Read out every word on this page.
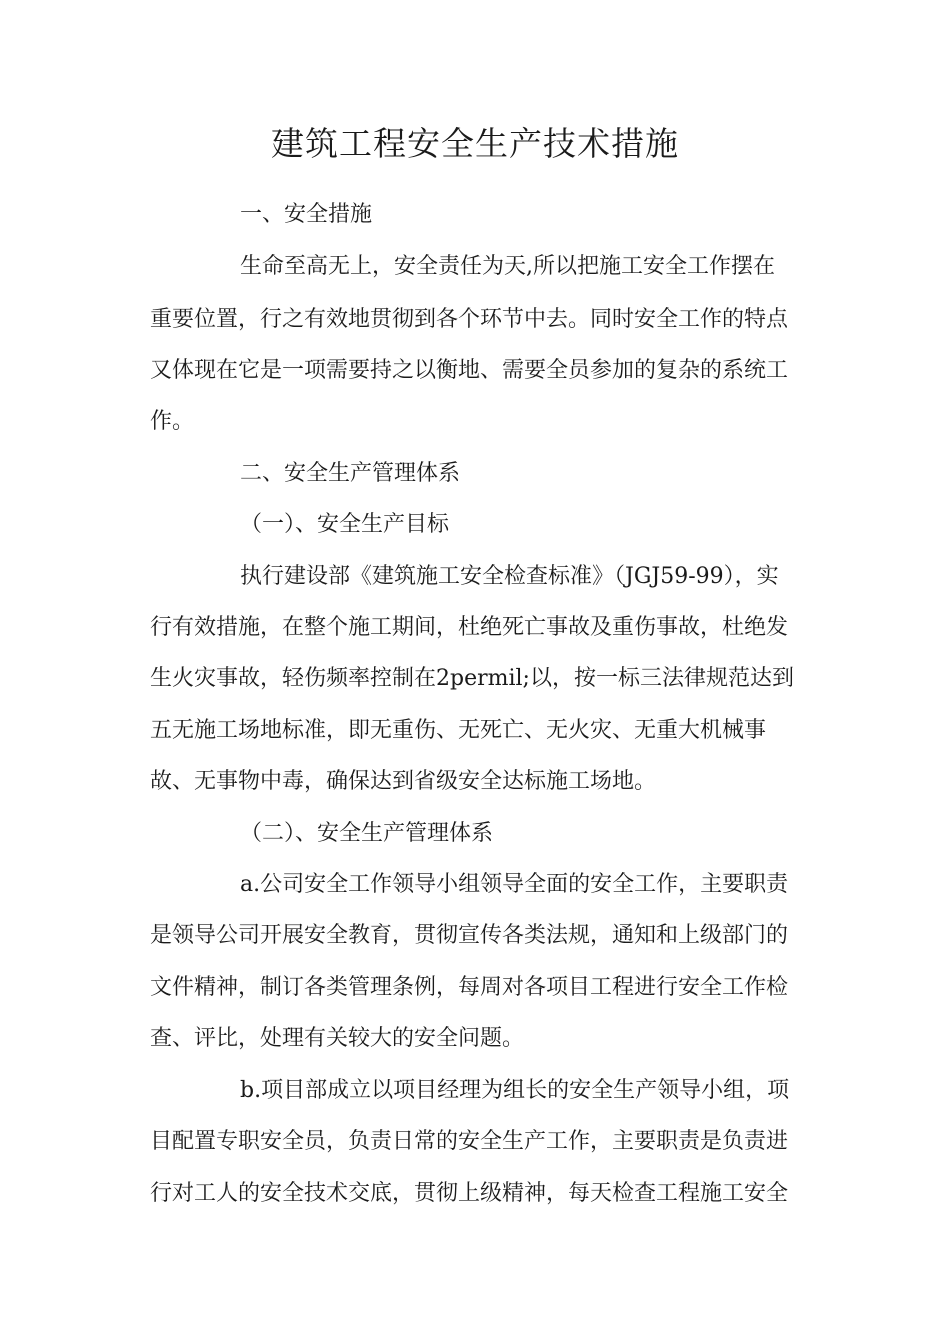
建筑工程安全生产技术措施

一、安全措施

生命至高无上，安全责任为天,所以把施工安全工作摆在

重要位置，行之有效地贯彻到各个环节中去。同时安全工作的特点

又体现在它是一项需要持之以衡地、需要全员参加的复杂的系统工

作。

二、安全生产管理体系

（一）、安全生产目标

执行建设部《建筑施工安全检查标准》（JGJ59-99），实

行有效措施，在整个施工期间，杜绝死亡事故及重伤事故，杜绝发

生火灾事故，轻伤频率控制在2permil;以，按一标三法律规范达到

五无施工场地标准，即无重伤、无死亡、无火灾、无重大机械事

故、无事物中毒，确保达到省级安全达标施工场地。

（二）、安全生产管理体系

a.公司安全工作领导小组领导全面的安全工作，主要职责

是领导公司开展安全教育，贯彻宣传各类法规，通知和上级部门的

文件精神，制订各类管理条例，每周对各项目工程进行安全工作检

查、评比，处理有关较大的安全问题。

b.项目部成立以项目经理为组长的安全生产领导小组，项

目配置专职安全员，负责日常的安全生产工作，主要职责是负责进

行对工人的安全技术交底，贯彻上级精神，每天检查工程施工安全
